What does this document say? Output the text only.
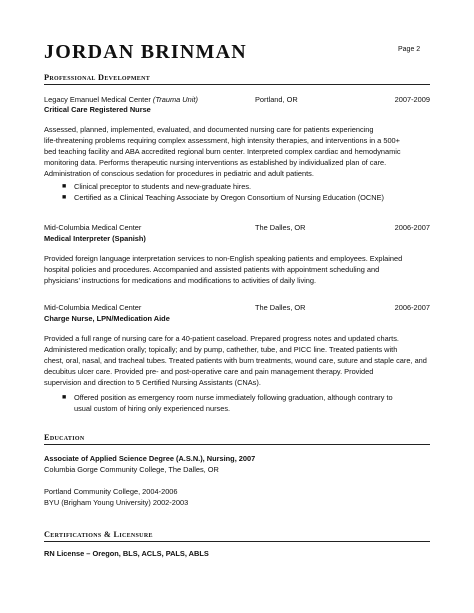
JORDAN BRINMAN	Page 2
Professional Development
Legacy Emanuel Medical Center (Trauma Unit)	Portland, OR	2007-2009
Critical Care Registered Nurse
Assessed, planned, implemented, evaluated, and documented nursing care for patients experiencing
life-threatening problems requiring complex assessment, high intensity therapies, and interventions in a 500+
bed teaching facility and ABA accredited regional burn center. Interpreted complex cardiac and hemodynamic
monitoring data. Performs therapeutic nursing interventions as established by individualized plan of care.
Administration of conscious sedation for procedures in pediatric and adult patients.
■ Clinical preceptor to students and new-graduate hires.
■ Certified as a Clinical Teaching Associate by Oregon Consortium of Nursing Education (OCNE)
Mid-Columbia Medical Center	The Dalles, OR	2006-2007
Medical Interpreter (Spanish)
Provided foreign language interpretation services to non-English speaking patients and employees. Explained
hospital policies and procedures. Accompanied and assisted patients with appointment scheduling and
physicians’ instructions for medications and modifications to activities of daily living.
Mid-Columbia Medical Center	The Dalles, OR	2006-2007
Charge Nurse, LPN/Medication Aide
Provided a full range of nursing care for a 40-patient caseload. Prepared progress notes and updated charts.
Administered medication orally; topically; and by pump, cathether, tube, and PICC line. Treated patients with
chest, oral, nasal, and tracheal tubes. Treated patients with burn treatments, wound care, suture and staple care, and
decubitus ulcer care. Provided pre- and post-operative care and pain management therapy. Provided
supervision and direction to 5 Certified Nursing Assistants (CNAs).
■ Offered position as emergency room nurse immediately following graduation, although contrary to
usual custom of hiring only experienced nurses.
Education
Associate of Applied Science Degree (A.S.N.), Nursing, 2007
Columbia Gorge Community College, The Dalles, OR
Portland Community College, 2004-2006
BYU (Brigham Young University) 2002-2003
Certifications & Licensure
RN License – Oregon, BLS, ACLS, PALS, ABLS
